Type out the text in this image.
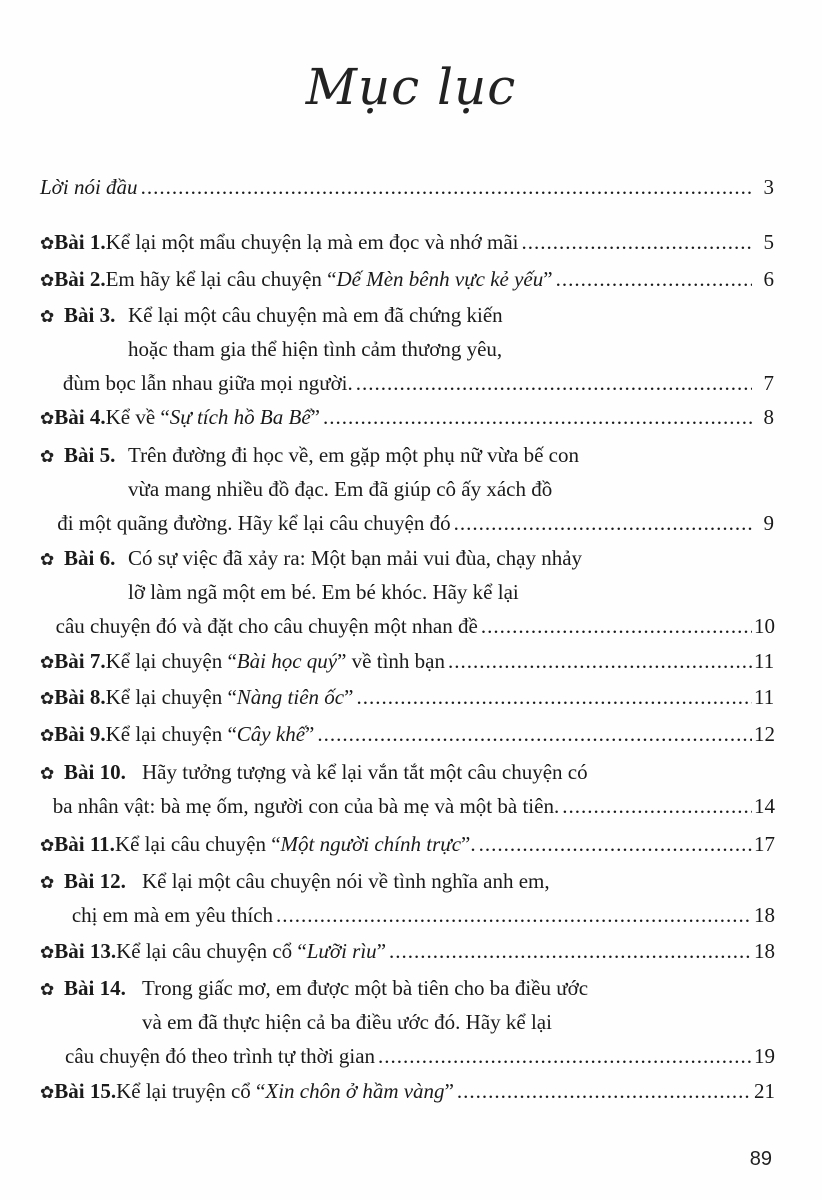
Mục lục
Lời nói đầu .....	3
✿ Bài 1. Kể lại một mẩu chuyện lạ mà em đọc và nhớ mãi .....	5
✿ Bài 2. Em hãy kể lại câu chuyện “Dế Mèn bênh vực kẻ yếu” .....	6
✿ Bài 3. Kể lại một câu chuyện mà em đã chứng kiến
hoặc tham gia thể hiện tình cảm thương yêu,
đùm bọc lẫn nhau giữa mọi người. .....	7
✿ Bài 4. Kể về “Sự tích hồ Ba Bể” .....	8
✿ Bài 5. Trên đường đi học về, em gặp một phụ nữ vừa bế con
vừa mang nhiều đồ đạc. Em đã giúp cô ấy xách đồ
đi một quãng đường. Hãy kể lại câu chuyện đó .....	9
✿ Bài 6. Có sự việc đã xảy ra: Một bạn mải vui đùa, chạy nhảy
lỡ làm ngã một em bé. Em bé khóc. Hãy kể lại
câu chuyện đó và đặt cho câu chuyện một nhan đề .....	10
✿ Bài 7. Kể lại chuyện “Bài học quý” về tình bạn .....	11
✿ Bài 8. Kể lại chuyện “Nàng tiên ốc” .....	11
✿ Bài 9. Kể lại chuyện “Cây khế” .....	12
✿ Bài 10. Hãy tưởng tượng và kể lại vắn tắt một câu chuyện có
ba nhân vật: bà mẹ ốm, người con của bà mẹ và một bà tiên. .....	14
✿ Bài 11. Kể lại câu chuyện “Một người chính trực”. .....	17
✿ Bài 12. Kể lại một câu chuyện nói về tình nghĩa anh em,
chị em mà em yêu thích .....	18
✿ Bài 13. Kể lại câu chuyện cổ “Lưỡi rìu” .....	18
✿ Bài 14. Trong giấc mơ, em được một bà tiên cho ba điều ước
và em đã thực hiện cả ba điều ước đó. Hãy kể lại
câu chuyện đó theo trình tự thời gian .....	19
✿ Bài 15. Kể lại truyện cổ “Xin chôn ở hầm vàng” .....	21
89
